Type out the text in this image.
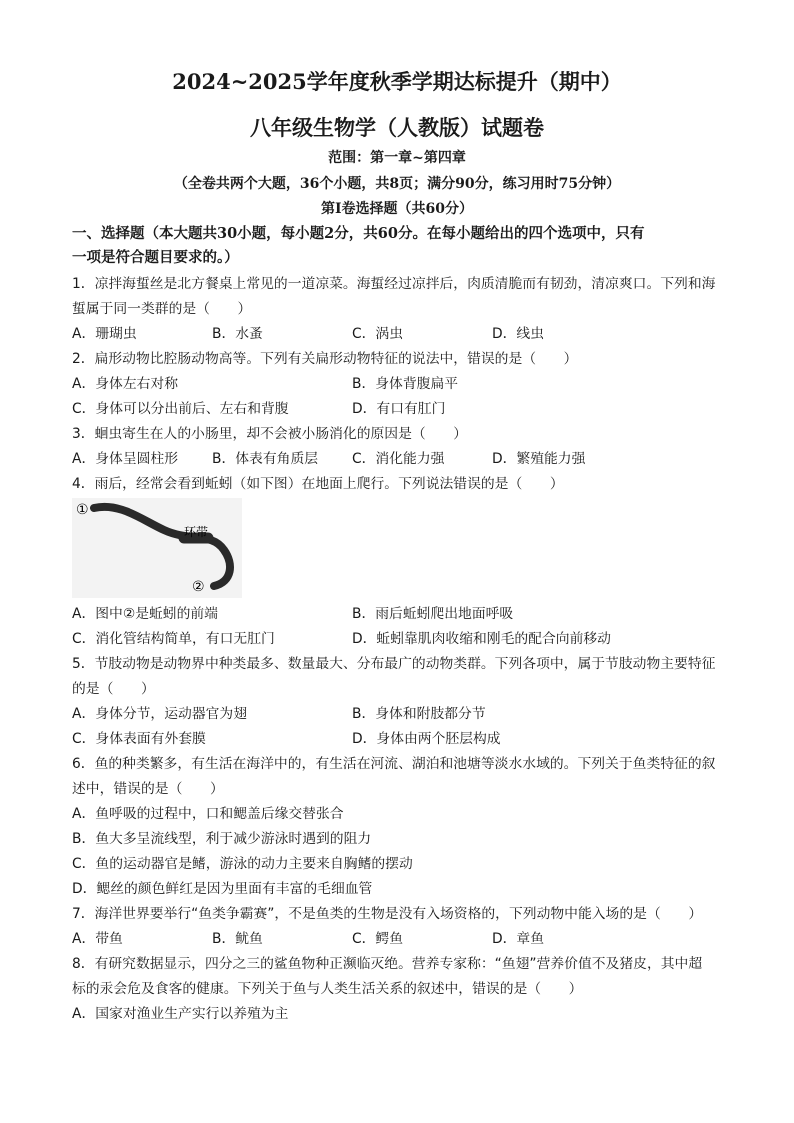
2024~2025学年度秋季学期达标提升（期中）
八年级生物学（人教版）试题卷
范围：第一章~第四章
（全卷共两个大题，36个小题，共8页；满分90分，练习用时75分钟）
第Ⅰ卷选择题（共60分）
一、选择题（本大题共30小题，每小题2分，共60分。在每小题给出的四个选项中，只有
一项是符合题目要求的。）
1．凉拌海蜇丝是北方餐桌上常见的一道凉菜。海蜇经过凉拌后，肉质清脆而有韧劲，清凉爽口。下列和海
蜇属于同一类群的是（　　）
A．珊瑚虫	B．水蚤	C．涡虫	D．线虫
2．扁形动物比腔肠动物高等。下列有关扁形动物特征的说法中，错误的是（　　）
A．身体左右对称	B．身体背腹扁平
C．身体可以分出前后、左右和背腹	D．有口有肛门
3．蛔虫寄生在人的小肠里，却不会被小肠消化的原因是（　　）
A．身体呈圆柱形 B．体表有角质层 C．消化能力强	D．繁殖能力强
4．雨后，经常会看到蚯蚓（如下图）在地面上爬行。下列说法错误的是（　　）
①
环带
②
A．图中②是蚯蚓的前端	B．雨后蚯蚓爬出地面呼吸
C．消化管结构简单，有口无肛门	D．蚯蚓靠肌肉收缩和刚毛的配合向前移动
5．节肢动物是动物界中种类最多、数量最大、分布最广的动物类群。下列各项中，属于节肢动物主要特征
的是（　　）
A．身体分节，运动器官为翅	B．身体和附肢都分节
C．身体表面有外套膜	D．身体由两个胚层构成
6．鱼的种类繁多，有生活在海洋中的，有生活在河流、湖泊和池塘等淡水水域的。下列关于鱼类特征的叙
述中，错误的是（　　）
A．鱼呼吸的过程中，口和鳃盖后缘交替张合
B．鱼大多呈流线型，利于减少游泳时遇到的阻力
C．鱼的运动器官是鳍，游泳的动力主要来自胸鳍的摆动
D．鳃丝的颜色鲜红是因为里面有丰富的毛细血管
7．海洋世界要举行“鱼类争霸赛”，不是鱼类的生物是没有入场资格的，下列动物中能入场的是（　　）
A．带鱼	B．鱿鱼	C．鳄鱼	D．章鱼
8．有研究数据显示，四分之三的鲨鱼物种正濒临灭绝。营养专家称：“鱼翅”营养价值不及猪皮，其中超
标的汞会危及食客的健康。下列关于鱼与人类生活关系的叙述中，错误的是（　　）
A．国家对渔业生产实行以养殖为主
